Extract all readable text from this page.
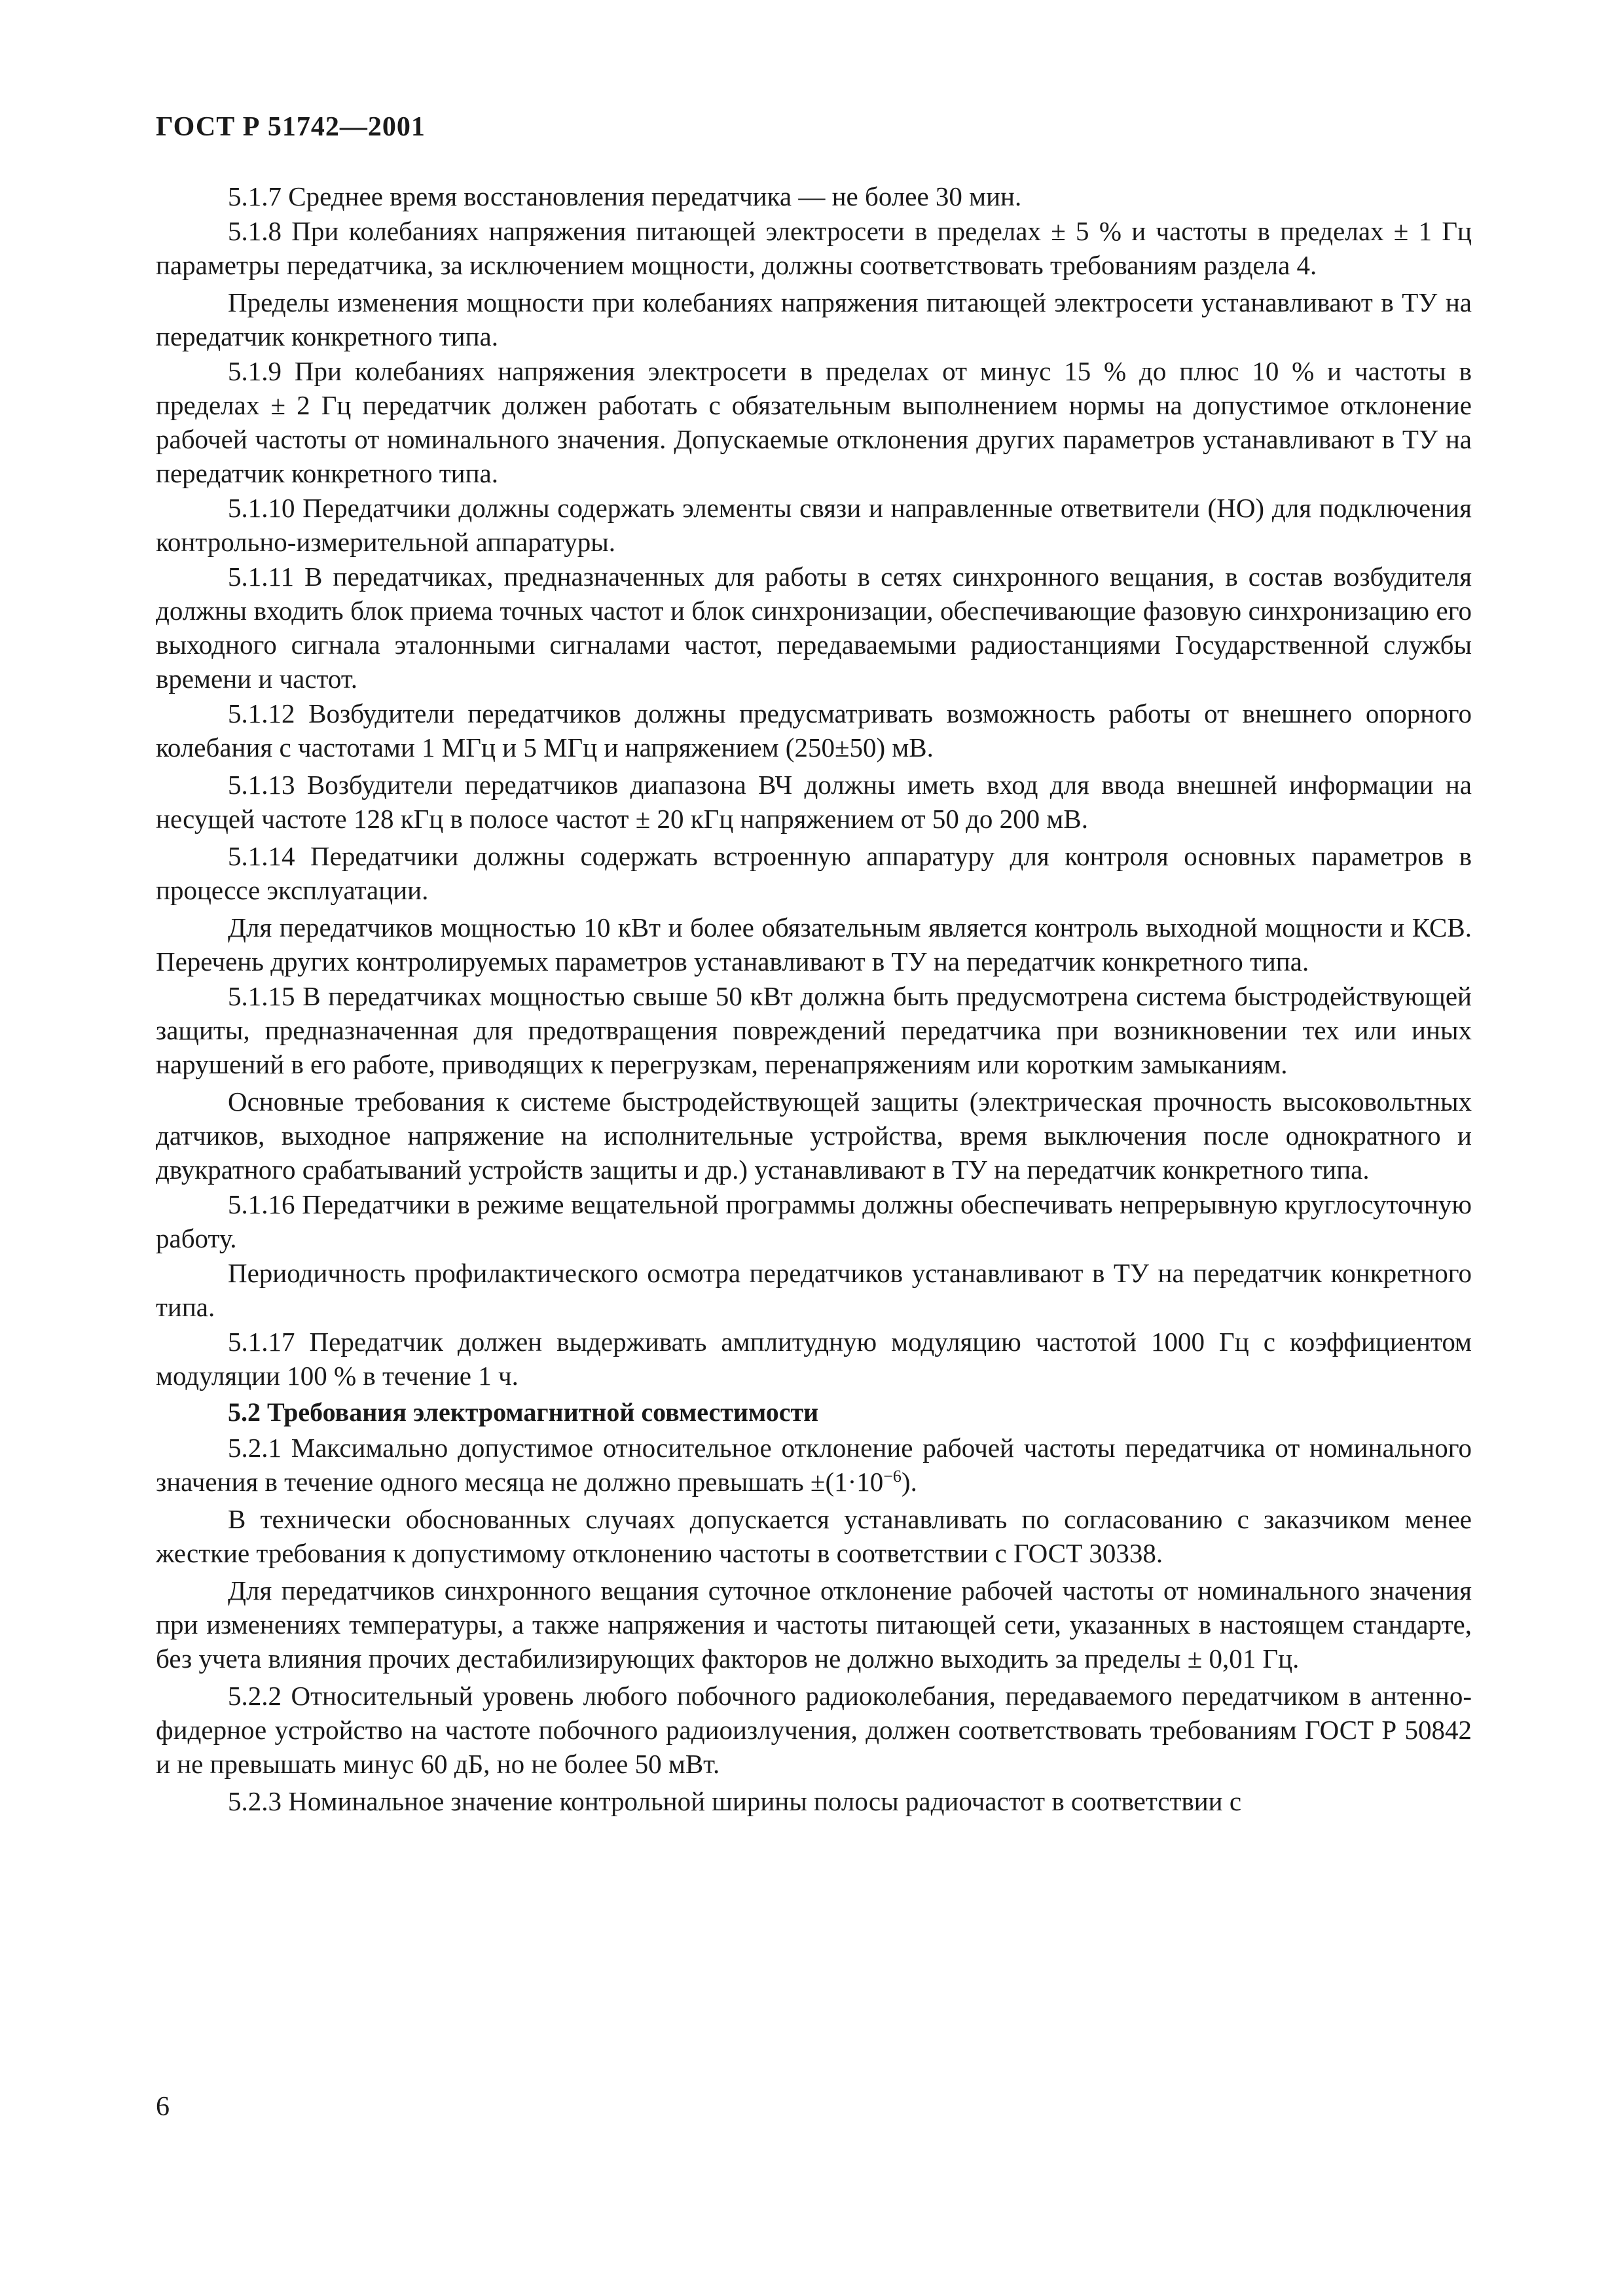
ГОСТ Р 51742—2001

5.1.7 Среднее время восстановления передатчика — не более 30 мин.

5.1.8 При колебаниях напряжения питающей электросети в пределах ± 5 % и частоты в пределах ± 1 Гц параметры передатчика, за исключением мощности, должны соответствовать требованиям раздела 4.

Пределы изменения мощности при колебаниях напряжения питающей электросети устанавливают в ТУ на передатчик конкретного типа.

5.1.9 При колебаниях напряжения электросети в пределах от минус 15 % до плюс 10 % и частоты в пределах ± 2 Гц передатчик должен работать с обязательным выполнением нормы на допустимое отклонение рабочей частоты от номинального значения. Допускаемые отклонения других параметров устанавливают в ТУ на передатчик конкретного типа.

5.1.10 Передатчики должны содержать элементы связи и направленные ответвители (НО) для подключения контрольно-измерительной аппаратуры.

5.1.11 В передатчиках, предназначенных для работы в сетях синхронного вещания, в состав возбудителя должны входить блок приема точных частот и блок синхронизации, обеспечивающие фазовую синхронизацию его выходного сигнала эталонными сигналами частот, передаваемыми радиостанциями Государственной службы времени и частот.

5.1.12 Возбудители передатчиков должны предусматривать возможность работы от внешнего опорного колебания с частотами 1 МГц и 5 МГц и напряжением (250±50) мВ.

5.1.13 Возбудители передатчиков диапазона ВЧ должны иметь вход для ввода внешней информации на несущей частоте 128 кГц в полосе частот ± 20 кГц напряжением от 50 до 200 мВ.

5.1.14 Передатчики должны содержать встроенную аппаратуру для контроля основных параметров в процессе эксплуатации.

Для передатчиков мощностью 10 кВт и более обязательным является контроль выходной мощности и КСВ. Перечень других контролируемых параметров устанавливают в ТУ на передатчик конкретного типа.

5.1.15 В передатчиках мощностью свыше 50 кВт должна быть предусмотрена система быстродействующей защиты, предназначенная для предотвращения повреждений передатчика при возникновении тех или иных нарушений в его работе, приводящих к перегрузкам, перенапряжениям или коротким замыканиям.

Основные требования к системе быстродействующей защиты (электрическая прочность высоковольтных датчиков, выходное напряжение на исполнительные устройства, время выключения после однократного и двукратного срабатываний устройств защиты и др.) устанавливают в ТУ на передатчик конкретного типа.

5.1.16 Передатчики в режиме вещательной программы должны обеспечивать непрерывную круглосуточную работу.

Периодичность профилактического осмотра передатчиков устанавливают в ТУ на передатчик конкретного типа.

5.1.17 Передатчик должен выдерживать амплитудную модуляцию частотой 1000 Гц с коэффициентом модуляции 100 % в течение 1 ч.

5.2 Требования электромагнитной совместимости

5.2.1 Максимально допустимое относительное отклонение рабочей частоты передатчика от номинального значения в течение одного месяца не должно превышать $\pm(1\cdot 10^{-6})$.

В технически обоснованных случаях допускается устанавливать по согласованию с заказчиком менее жесткие требования к допустимому отклонению частоты в соответствии с ГОСТ 30338.

Для передатчиков синхронного вещания суточное отклонение рабочей частоты от номинального значения при изменениях температуры, а также напряжения и частоты питающей сети, указанных в настоящем стандарте, без учета влияния прочих дестабилизирующих факторов не должно выходить за пределы ± 0,01 Гц.

5.2.2 Относительный уровень любого побочного радиоколебания, передаваемого передатчиком в антенно-фидерное устройство на частоте побочного радиоизлучения, должен соответствовать требованиям ГОСТ Р 50842 и не превышать минус 60 дБ, но не более 50 мВт.

5.2.3 Номинальное значение контрольной ширины полосы радиочастот в соответствии с

6
